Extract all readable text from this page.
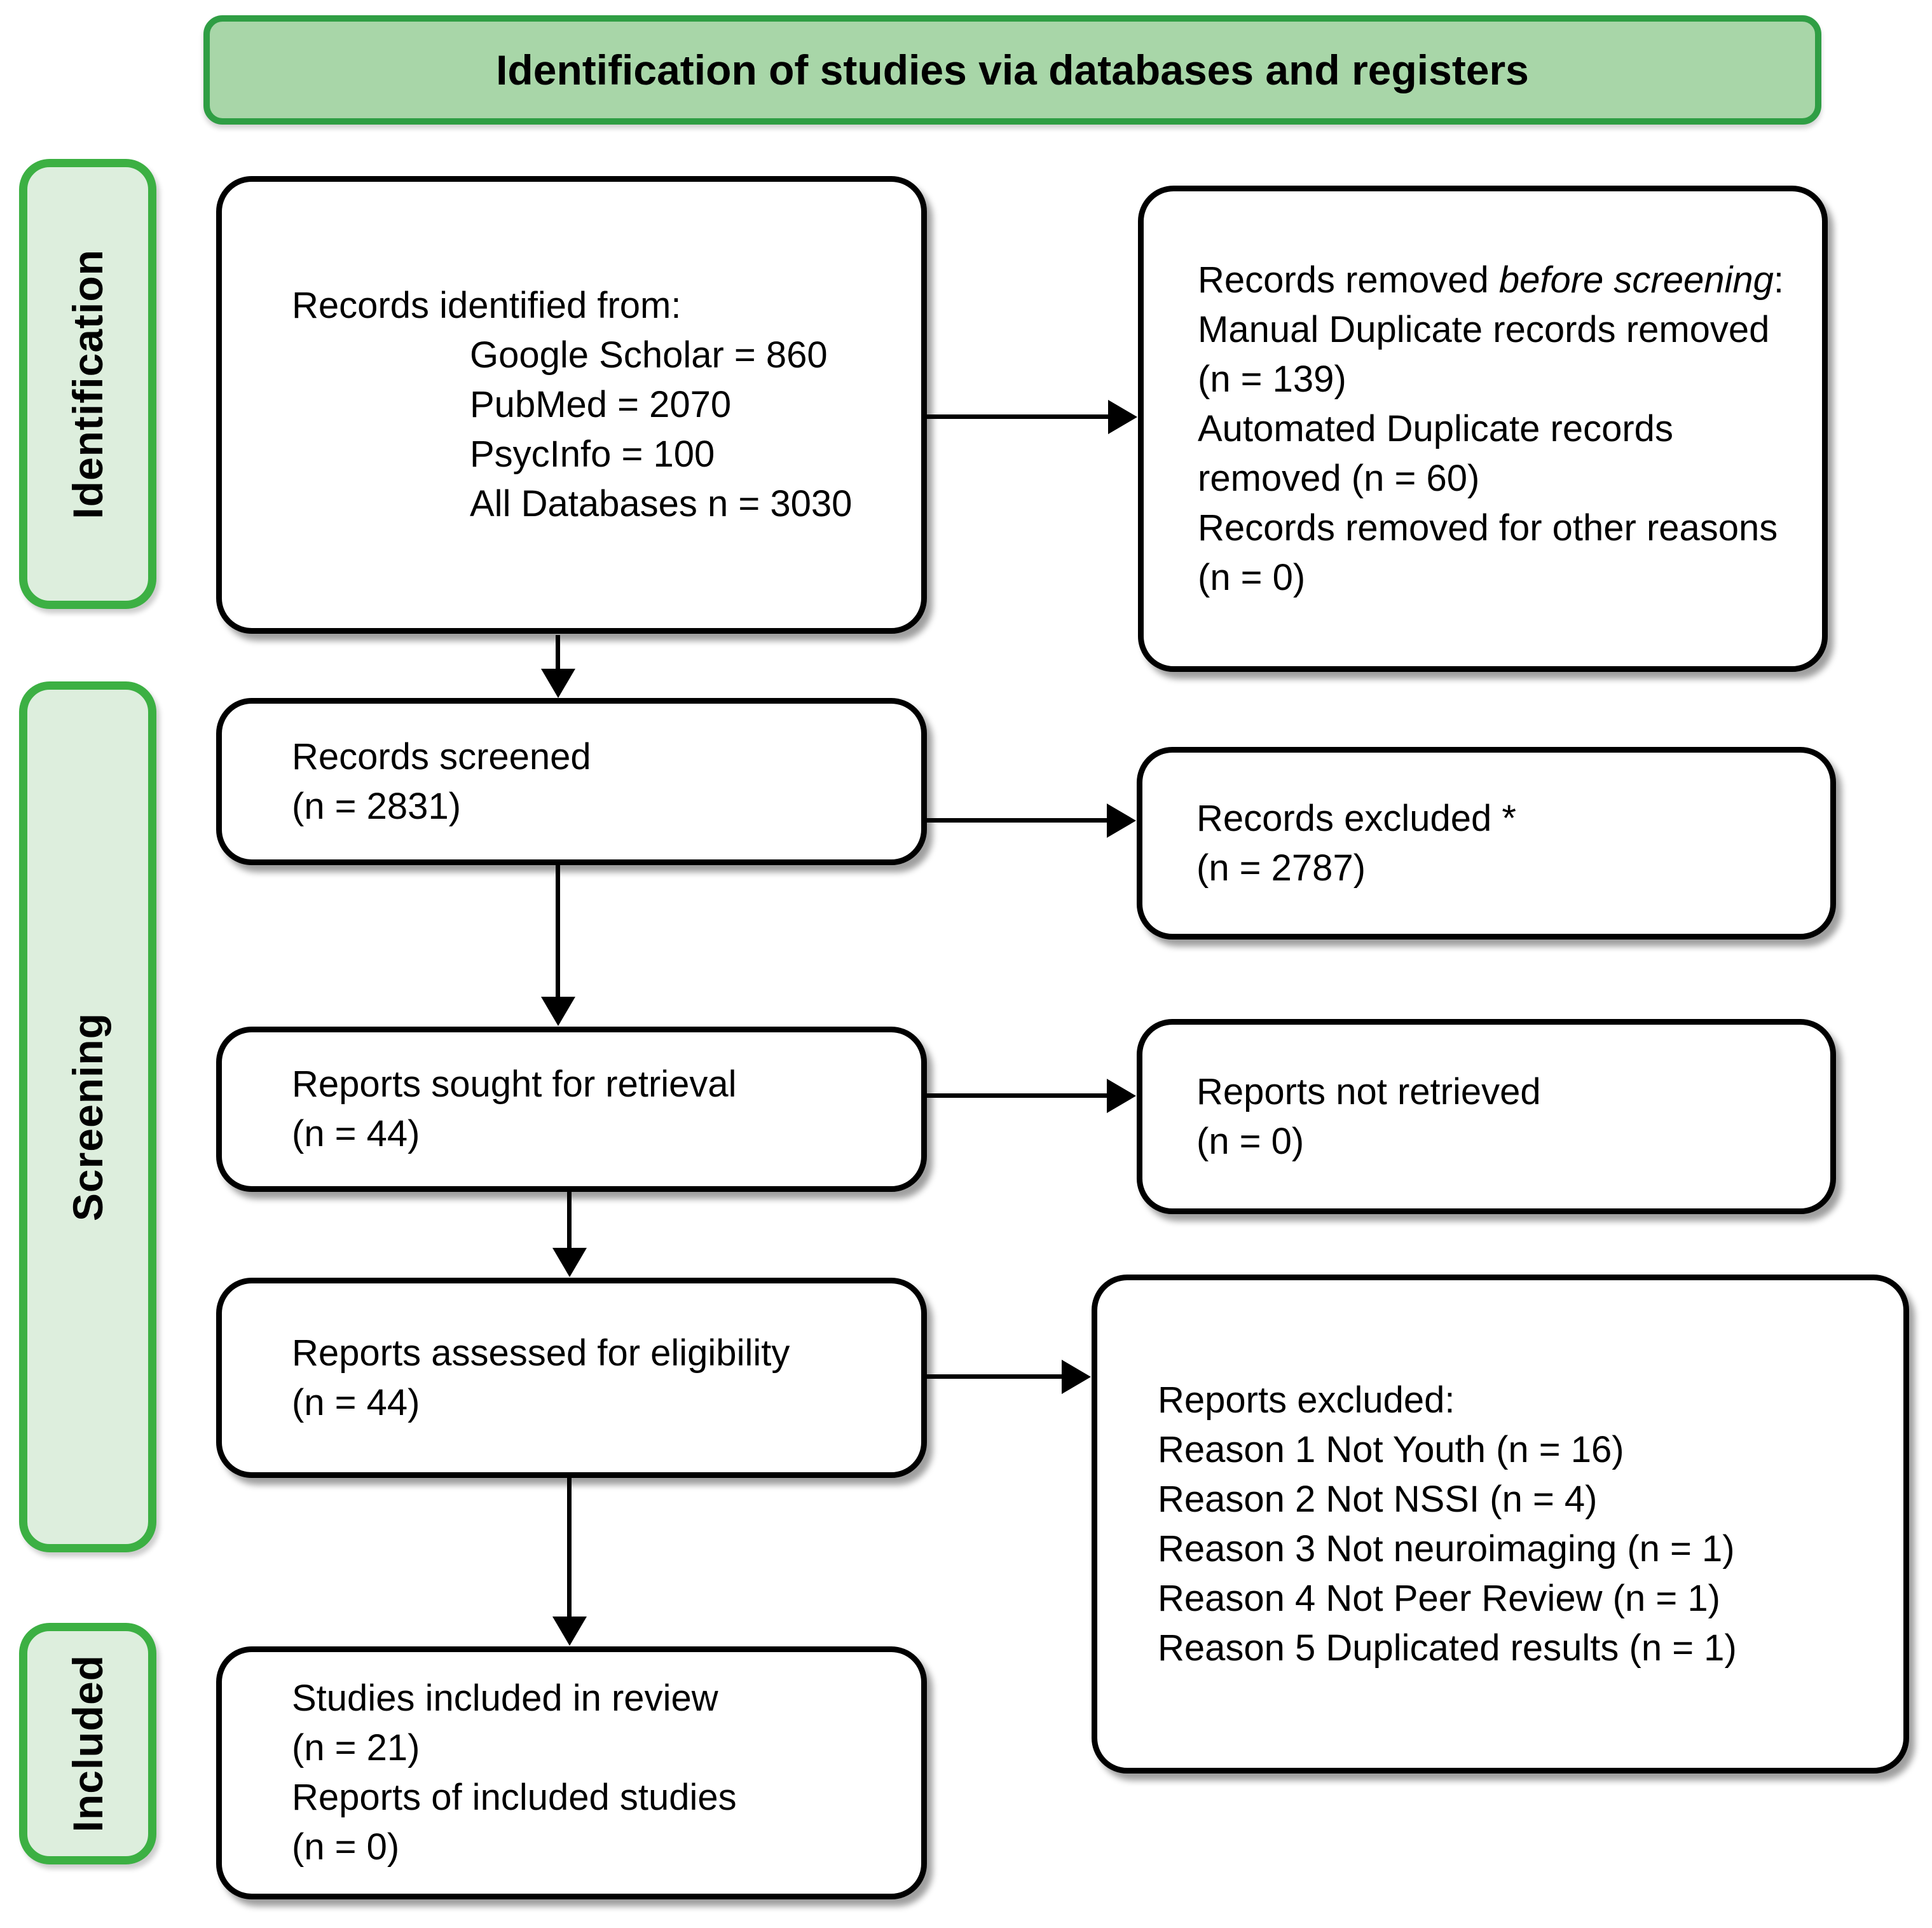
Identification of studies via databases and registers
Identification
Screening
Included
Records identified from:
Google Scholar = 860
PubMed = 2070
PsycInfo = 100
All Databases n = 3030
Records removed before screening:
Manual Duplicate records removed (n = 139)
Automated Duplicate records removed (n = 60)
Records removed for other reasons (n = 0)
Records screened
(n = 2831)	Records excluded *
(n = 2787)
Reports sought for retrieval
(n = 44)
Reports not retrieved
(n = 0)
Reports assessed for eligibility
(n = 44)	Reports excluded:
Reason 1 Not Youth (n = 16)
Reason 2 Not NSSI (n = 4)
Reason 3 Not neuroimaging (n = 1)
Reason 4 Not Peer Review (n = 1)
Reason 5 Duplicated results (n = 1)
Studies included in review
(n = 21)
Reports of included studies
(n = 0)
